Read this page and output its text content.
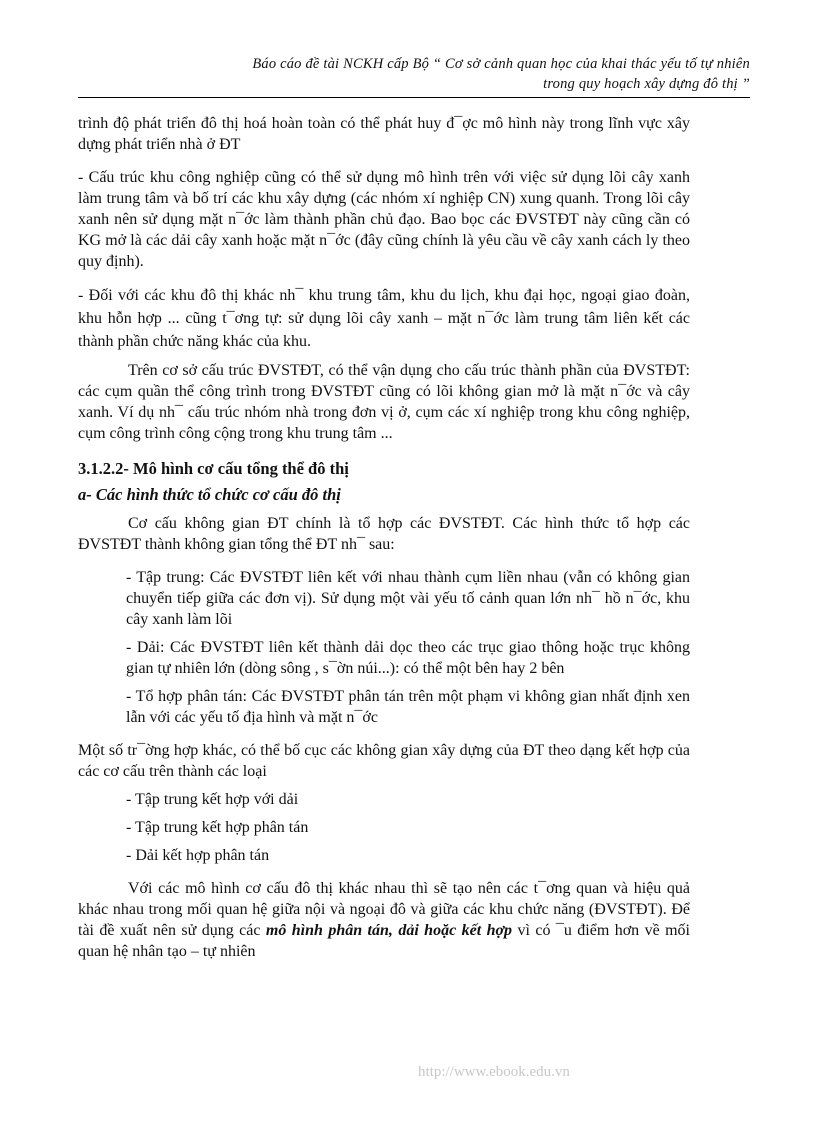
Báo cáo đề tài NCKH cấp Bộ “ Cơ sở cảnh quan học của khai thác yếu tố tự nhiên
trong quy hoạch xây dựng đô thị ”

trình độ phát triển đô thị hoá hoàn toàn có thể phát huy đ¯ợc mô hình này trong lĩnh vực xây dựng phát triển nhà ở ĐT

- Cấu trúc khu công nghiệp cũng có thể sử dụng mô hình trên với việc sử dụng lõi cây xanh làm trung tâm và bố trí các khu xây dựng (các nhóm xí nghiệp CN) xung quanh. Trong lõi cây xanh nên sử dụng mặt n¯ớc làm thành phần chủ đạo. Bao bọc các ĐVSTĐT này cũng cần có KG mở là các dải cây xanh hoặc mặt n¯ớc (đây cũng chính là yêu cầu về cây xanh cách ly theo quy định).

- Đối với các khu đô thị khác nh¯ khu trung tâm, khu du lịch, khu đại học, ngoại giao đoàn, khu hỗn hợp ... cũng t¯ơng tự: sử dụng lõi cây xanh – mặt n¯ớc làm trung tâm liên kết các thành phần chức năng khác của khu.

Trên cơ sở cấu trúc ĐVSTĐT, có thể vận dụng cho cấu trúc thành phần của ĐVSTĐT: các cụm quần thể công trình trong ĐVSTĐT cũng có lõi không gian mở là mặt n¯ớc và cây xanh. Ví dụ nh¯ cấu trúc nhóm nhà trong đơn vị ở, cụm các xí nghiệp trong khu công nghiệp, cụm công trình công cộng trong khu trung tâm ...

3.1.2.2- Mô hình cơ cấu tổng thể đô thị

a- Các hình thức tổ chức cơ cấu đô thị

Cơ cấu không gian ĐT chính là tổ hợp các ĐVSTĐT. Các hình thức tổ hợp các ĐVSTĐT thành không gian tổng thể ĐT nh¯ sau:

- Tập trung: Các ĐVSTĐT liên kết với nhau thành cụm liền nhau (vẫn có không gian chuyển tiếp giữa các đơn vị). Sử dụng một vài yếu tố cảnh quan lớn nh¯ hồ n¯ớc, khu cây xanh làm lõi

- Dải: Các ĐVSTĐT liên kết thành dải dọc theo các trục giao thông hoặc trục không gian tự nhiên lớn (dòng sông , s¯ờn núi...): có thể một bên hay 2 bên

- Tổ hợp phân tán: Các ĐVSTĐT phân tán trên một phạm vi không gian nhất định xen lẫn với các yếu tố địa hình và mặt n¯ớc

Một số tr¯ờng hợp khác, có thể bố cục các không gian xây dựng của ĐT theo dạng kết hợp của các cơ cấu trên thành các loại

- Tập trung kết hợp với dải

- Tập trung kết hợp phân tán

- Dải kết hợp phân tán

Với các mô hình cơ cấu đô thị khác nhau thì sẽ tạo nên các t¯ơng quan và hiệu quả khác nhau trong mối quan hệ giữa nội và ngoại đô và giữa các khu chức năng (ĐVSTĐT). Để tài đề xuất nên sử dụng các mô hình phân tán, dải hoặc kết hợp vì có ¯u điểm hơn về mối quan hệ nhân tạo – tự nhiên

http://www.ebook.edu.vn
